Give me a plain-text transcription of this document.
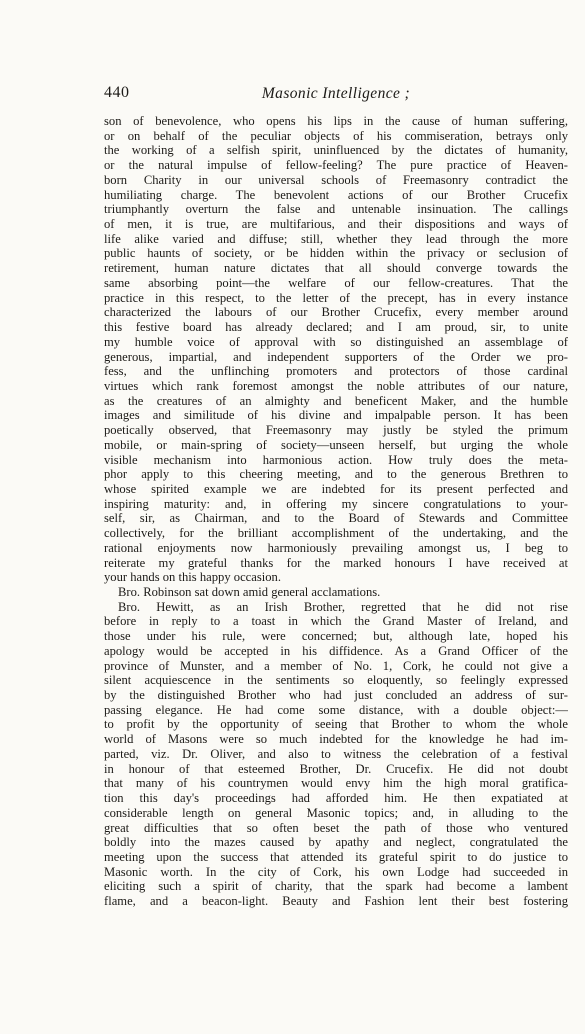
440	Masonic Intelligence ;
son of benevolence, who opens his lips in the cause of human suffering,
or on behalf of the peculiar objects of his commiseration, betrays only
the working of a selfish spirit, uninfluenced by the dictates of humanity,
or the natural impulse of fellow-feeling? The pure practice of Heaven-
born Charity in our universal schools of Freemasonry contradict the
humiliating charge. The benevolent actions of our Brother Crucefix
triumphantly overturn the false and untenable insinuation. The callings
of men, it is true, are multifarious, and their dispositions and ways of
life alike varied and diffuse; still, whether they lead through the more
public haunts of society, or be hidden within the privacy or seclusion of
retirement, human nature dictates that all should converge towards the
same absorbing point—the welfare of our fellow-creatures. That the
practice in this respect, to the letter of the precept, has in every instance
characterized the labours of our Brother Crucefix, every member around
this festive board has already declared; and I am proud, sir, to unite
my humble voice of approval with so distinguished an assemblage of
generous, impartial, and independent supporters of the Order we pro-
fess, and the unflinching promoters and protectors of those cardinal
virtues which rank foremost amongst the noble attributes of our nature,
as the creatures of an almighty and beneficent Maker, and the humble
images and similitude of his divine and impalpable person. It has been
poetically observed, that Freemasonry may justly be styled the primum
mobile, or main-spring of society—unseen herself, but urging the whole
visible mechanism into harmonious action. How truly does the meta-
phor apply to this cheering meeting, and to the generous Brethren to
whose spirited example we are indebted for its present perfected and
inspiring maturity: and, in offering my sincere congratulations to your-
self, sir, as Chairman, and to the Board of Stewards and Committee
collectively, for the brilliant accomplishment of the undertaking, and the
rational enjoyments now harmoniously prevailing amongst us, I beg to
reiterate my grateful thanks for the marked honours I have received at
your hands on this happy occasion.
Bro. Robinson sat down amid general acclamations.
Bro. Hewitt, as an Irish Brother, regretted that he did not rise
before in reply to a toast in which the Grand Master of Ireland, and
those under his rule, were concerned; but, although late, hoped his
apology would be accepted in his diffidence. As a Grand Officer of the
province of Munster, and a member of No. 1, Cork, he could not give a
silent acquiescence in the sentiments so eloquently, so feelingly expressed
by the distinguished Brother who had just concluded an address of sur-
passing elegance. He had come some distance, with a double object:—
to profit by the opportunity of seeing that Brother to whom the whole
world of Masons were so much indebted for the knowledge he had im-
parted, viz. Dr. Oliver, and also to witness the celebration of a festival
in honour of that esteemed Brother, Dr. Crucefix. He did not doubt
that many of his countrymen would envy him the high moral gratifica-
tion this day's proceedings had afforded him. He then expatiated at
considerable length on general Masonic topics; and, in alluding to the
great difficulties that so often beset the path of those who ventured
boldly into the mazes caused by apathy and neglect, congratulated the
meeting upon the success that attended its grateful spirit to do justice to
Masonic worth. In the city of Cork, his own Lodge had succeeded in
eliciting such a spirit of charity, that the spark had become a lambent
flame, and a beacon-light. Beauty and Fashion lent their best fostering
